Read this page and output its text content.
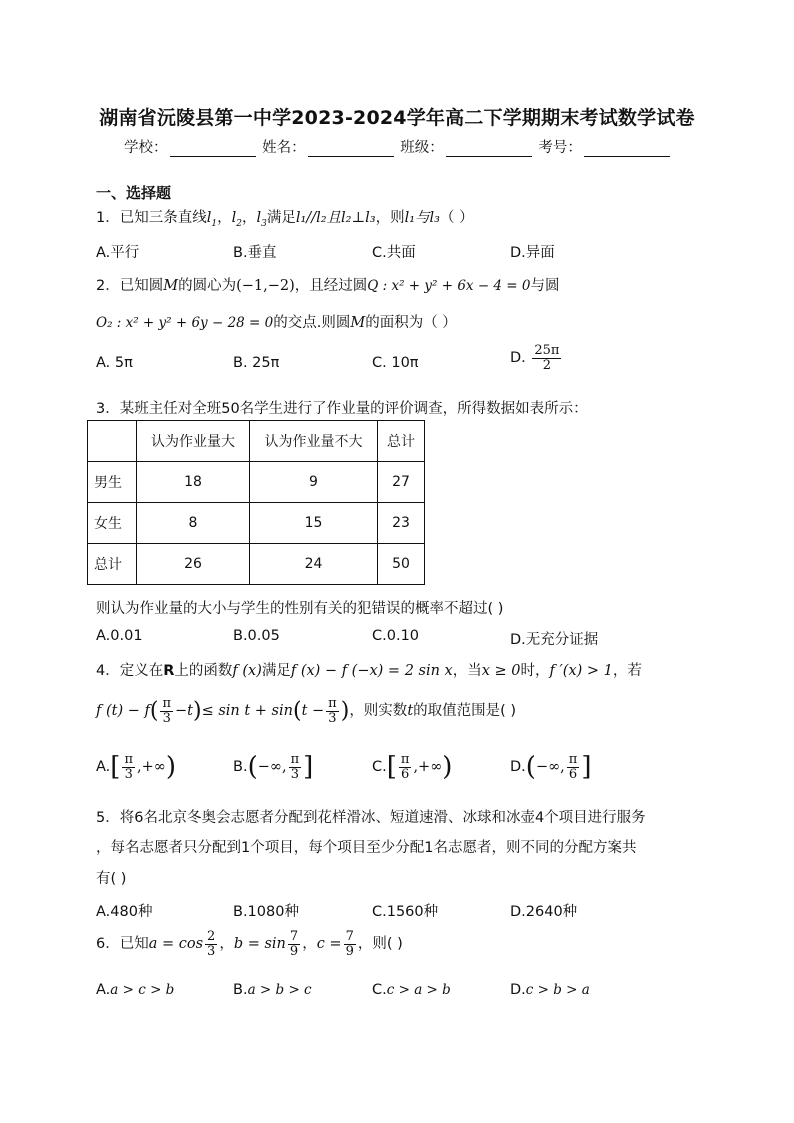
湖南省沅陵县第一中学2023-2024学年高二下学期期末考试数学试卷
学校：	姓名：	班级：	考号：
一、选择题
1．已知三条直线$l_1$，$l_2$，$l_3$满足l₁//l₂且l₂⊥l₃，则l₁与l₃（ ）
A.平行	B.垂直	C.共面	D.异面
2．已知圆M的圆心为(−1,−2)，且经过圆Q : x² + y² + 6x − 4 = 0与圆
O₂ : x² + y² + 6y − 28 = 0的交点.则圆M的面积为（ ）
A. 5π	B. 25π	C. 10π	D. $\frac{25\pi}{2}$
3．某班主任对全班50名学生进行了作业量的评价调查，所得数据如表所示：
	认为作业量大	认为作业量不大	总计
男生	18	9	27
女生	8	15	23
总计	26	24	50
则认为作业量的大小与学生的性别有关的犯错误的概率不超过( )
A.0.01	B.0.05	C.0.10	D.无充分证据
4．定义在R上的函数f (x)满足f (x) − f (−x) = 2 sin x，当x ≥ 0时，f ′(x) > 1，若
f $(t) - f( \frac{\pi}{3} -t)\le \sin t + \sin(t - \frac{\pi}{3}$ )，则实数t的取值范围是( )
$A.[ \frac{\pi}{3}$ ,+∞)	B.(−∞, $\frac{\pi}{3}$ ]	$C.[ \frac{\pi}{6}$ ,+∞)	D.(−∞, $\frac{\pi}{6}$ ]
5．将6名北京冬奥会志愿者分配到花样滑冰、短道速滑、冰球和冰壶4个项目进行服务
，每名志愿者只分配到1个项目，每个项目至少分配1名志愿者，则不同的分配方案共
有( )
A.480种	B.1080种	C.1560种	D.2640种
6．已知$a = \cos \frac{2}{3}$ ，$b = \sin \frac{7}{9}$ ，$c = \frac{7}{9}$ ，则( )
A.a > c > b	B.a > b > c	C.c > a > b	D.c > b > a
